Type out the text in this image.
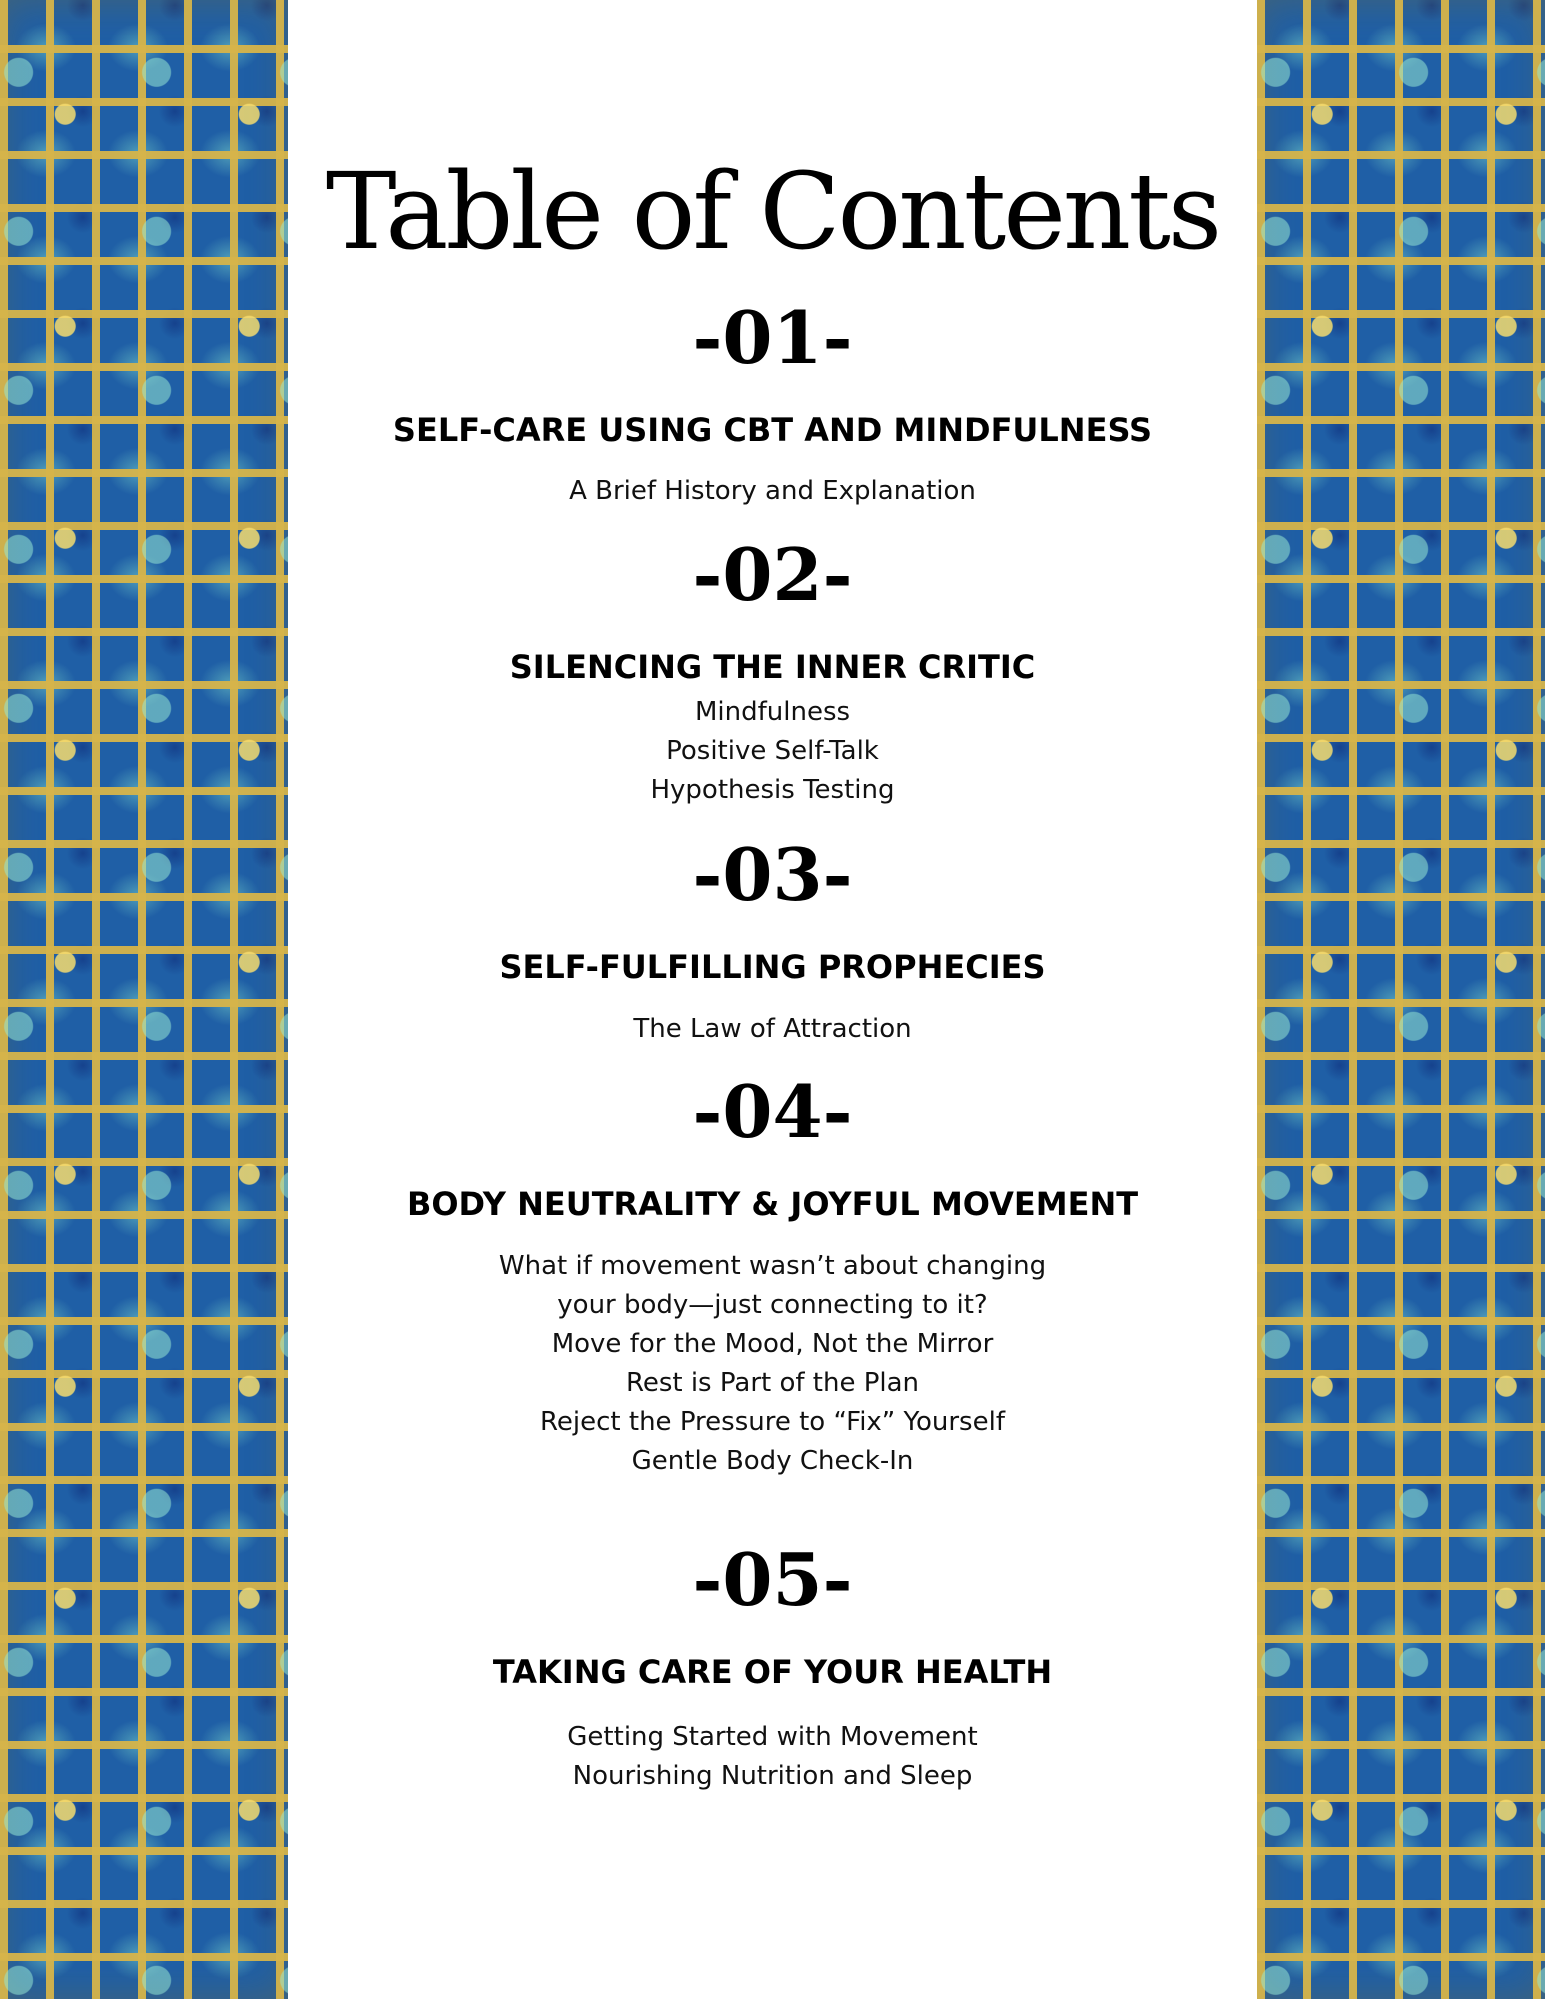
Table of Contents
-01-
SELF-CARE USING CBT AND MINDFULNESS
A Brief History and Explanation
-02-
SILENCING THE INNER CRITIC
Mindfulness
Positive Self-Talk
Hypothesis Testing
-03-
SELF-FULFILLING PROPHECIES
The Law of Attraction
-04-
BODY NEUTRALITY & JOYFUL MOVEMENT
What if movement wasn’t about changing your body—just connecting to it?
Move for the Mood, Not the Mirror
Rest is Part of the Plan
Reject the Pressure to “Fix” Yourself
Gentle Body Check-In
-05-
TAKING CARE OF YOUR HEALTH
Getting Started with Movement
Nourishing Nutrition and Sleep
